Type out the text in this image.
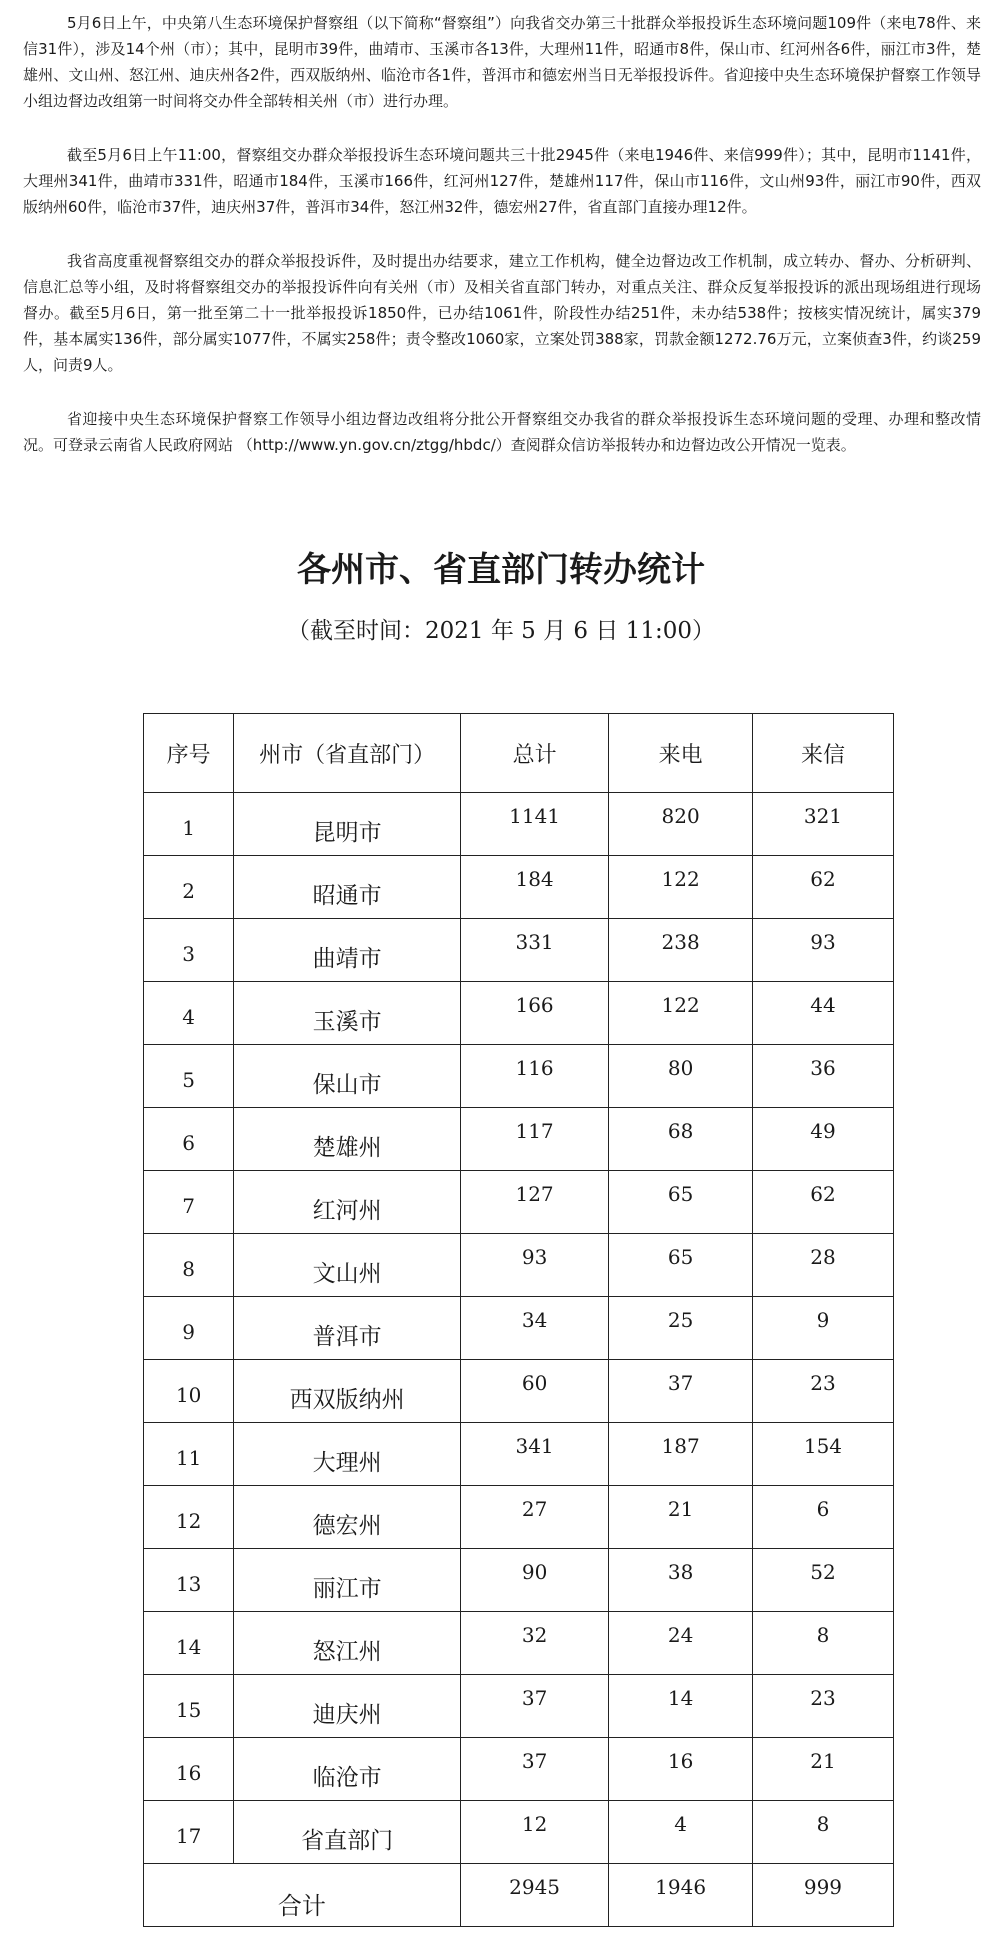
5月6日上午，中央第八生态环境保护督察组（以下简称“督察组”）向我省交办第三十批群众举报投诉生态环境问题109件（来电78件、来信31件），涉及14个州（市）；其中，昆明市39件，曲靖市、玉溪市各13件，大理州11件，昭通市8件，保山市、红河州各6件，丽江市3件，楚雄州、文山州、怒江州、迪庆州各2件，西双版纳州、临沧市各1件，普洱市和德宏州当日无举报投诉件。省迎接中央生态环境保护督察工作领导小组边督边改组第一时间将交办件全部转相关州（市）进行办理。

截至5月6日上午11:00，督察组交办群众举报投诉生态环境问题共三十批2945件（来电1946件、来信999件）；其中，昆明市1141件，大理州341件，曲靖市331件，昭通市184件，玉溪市166件，红河州127件，楚雄州117件，保山市116件，文山州93件，丽江市90件，西双版纳州60件，临沧市37件，迪庆州37件，普洱市34件，怒江州32件，德宏州27件，省直部门直接办理12件。

我省高度重视督察组交办的群众举报投诉件，及时提出办结要求，建立工作机构，健全边督边改工作机制，成立转办、督办、分析研判、信息汇总等小组，及时将督察组交办的举报投诉件向有关州（市）及相关省直部门转办，对重点关注、群众反复举报投诉的派出现场组进行现场督办。截至5月6日，第一批至第二十一批举报投诉1850件，已办结1061件，阶段性办结251件，未办结538件；按核实情况统计，属实379件，基本属实136件，部分属实1077件，不属实258件；责令整改1060家，立案处罚388家，罚款金额1272.76万元，立案侦查3件，约谈259人，问责9人。

省迎接中央生态环境保护督察工作领导小组边督边改组将分批公开督察组交办我省的群众举报投诉生态环境问题的受理、办理和整改情况。可登录云南省人民政府网站 （http://www.yn.gov.cn/ztgg/hbdc/）查阅群众信访举报转办和边督边改公开情况一览表。

各州市、省直部门转办统计
（截至时间：2021 年 5 月 6 日 11:00）
序号	州市（省直部门）	总计	来电	来信
1	昆明市	1141	820	321
2	昭通市	184	122	62
3	曲靖市	331	238	93
4	玉溪市	166	122	44
5	保山市	116	80	36
6	楚雄州	117	68	49
7	红河州	127	65	62
8	文山州	93	65	28
9	普洱市	34	25	9
10	西双版纳州	60	37	23
11	大理州	341	187	154
12	德宏州	27	21	6
13	丽江市	90	38	52
14	怒江州	32	24	8
15	迪庆州	37	14	23
16	临沧市	37	16	21
17	省直部门	12	4	8
合计		2945	1946	999
